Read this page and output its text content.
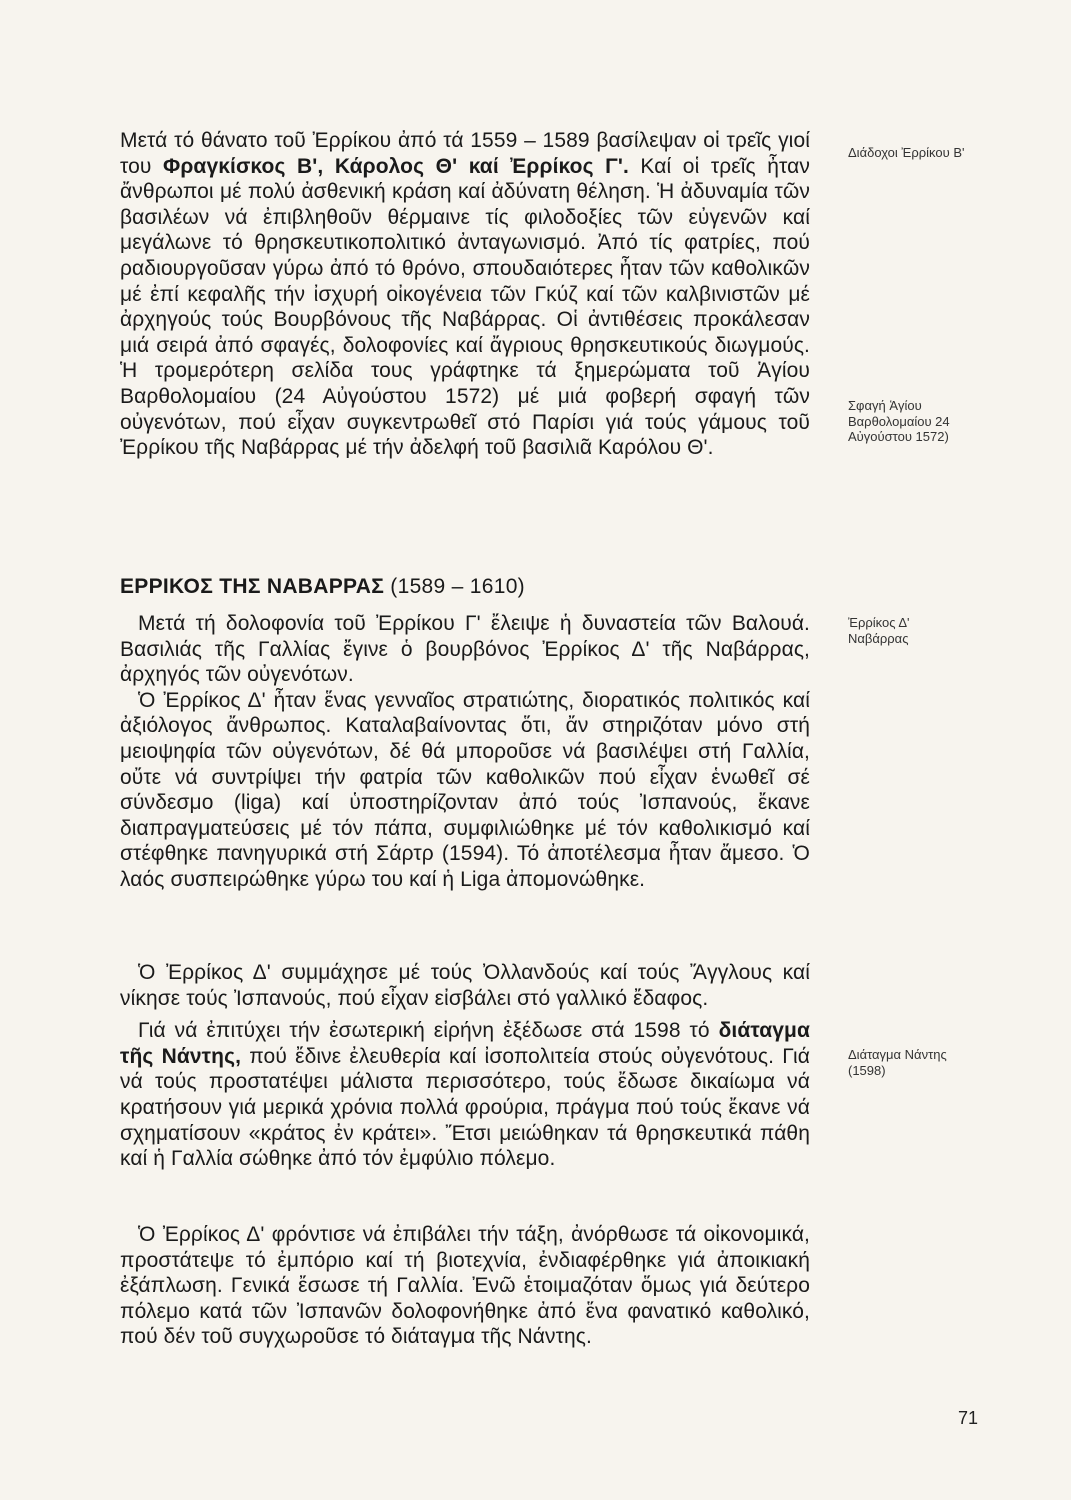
Μετά τό θάνατο τοῦ Ἐρρίκου ἀπό τά 1559 – 1589 βασίλεψαν οἱ τρεῖς γιοί του Φραγκίσκος Β', Κάρολος Θ' καί Ἐρρίκος Γ'. Καί οἱ τρεῖς ἦταν ἄνθρωποι μέ πολύ ἀσθενική κράση καί ἀδύνατη θέληση. Ἡ ἀδυναμία τῶν βασιλέων νά ἐπιβληθοῦν θέρμαινε τίς φιλοδοξίες τῶν εὐγενῶν καί μεγάλωνε τό θρησκευτικοπολιτικό ἀνταγωνισμό. Ἀπό τίς φατρίες, πού ραδιουργοῦσαν γύρω ἀπό τό θρόνο, σπουδαιότερες ἦταν τῶν καθολικῶν μέ ἐπί κεφαλῆς τήν ἰσχυρή οἰκογένεια τῶν Γκύζ καί τῶν καλβινιστῶν μέ ἀρχηγούς τούς Βουρβόνους τῆς Ναβάρρας. Οἱ ἀντιθέσεις προκάλεσαν μιά σειρά ἀπό σφαγές, δολοφονίες καί ἄγριους θρησκευτικούς διωγμούς. Ἡ τρομερότερη σελίδα τους γράφτηκε τά ξημερώματα τοῦ Ἁγίου Βαρθολομαίου (24 Αὐγούστου 1572) μέ μιά φοβερή σφαγή τῶν οὐγενότων, πού εἶχαν συγκεντρωθεῖ στό Παρίσι γιά τούς γάμους τοῦ Ἐρρίκου τῆς Ναβάρρας μέ τήν ἀδελφή τοῦ βασιλιᾶ Καρόλου Θ'.

ΕΡΡΙΚΟΣ ΤΗΣ ΝΑΒΑΡΡΑΣ (1589 – 1610)

Μετά τή δολοφονία τοῦ Ἐρρίκου Γ' ἔλειψε ἡ δυναστεία τῶν Βαλουά. Βασιλιάς τῆς Γαλλίας ἔγινε ὁ βουρβόνος Ἐρρίκος Δ' τῆς Ναβάρρας, ἀρχηγός τῶν οὐγενότων.

Ὁ Ἐρρίκος Δ' ἦταν ἕνας γενναῖος στρατιώτης, διορατικός πολιτικός καί ἀξιόλογος ἄνθρωπος. Καταλαβαίνοντας ὅτι, ἄν στηριζόταν μόνο στή μειοψηφία τῶν οὐγενότων, δέ θά μποροῦσε νά βασιλέψει στή Γαλλία, οὔτε νά συντρίψει τήν φατρία τῶν καθολικῶν πού εἶχαν ἑνωθεῖ σέ σύνδεσμο (liga) καί ὑποστηρίζονταν ἀπό τούς Ἰσπανούς, ἔκανε διαπραγματεύσεις μέ τόν πάπα, συμφιλιώθηκε μέ τόν καθολικισμό καί στέφθηκε πανηγυρικά στή Σάρτρ (1594). Τό ἀποτέλεσμα ἦταν ἄμεσο. Ὁ λαός συσπειρώθηκε γύρω του καί ἡ Liga ἀπομονώθηκε.

Ὁ Ἐρρίκος Δ' συμμάχησε μέ τούς Ὀλλανδούς καί τούς Ἄγγλους καί νίκησε τούς Ἰσπανούς, πού εἶχαν εἰσβάλει στό γαλλικό ἔδαφος.

Γιά νά ἐπιτύχει τήν ἐσωτερική εἰρήνη ἐξέδωσε στά 1598 τό διάταγμα τῆς Νάντης, πού ἔδινε ἐλευθερία καί ἰσοπολιτεία στούς οὐγενότους. Γιά νά τούς προστατέψει μάλιστα περισσότερο, τούς ἔδωσε δικαίωμα νά κρατήσουν γιά μερικά χρόνια πολλά φρούρια, πράγμα πού τούς ἔκανε νά σχηματίσουν «κράτος ἐν κράτει». Ἔτσι μειώθηκαν τά θρησκευτικά πάθη καί ἡ Γαλλία σώθηκε ἀπό τόν ἐμφύλιο πόλεμο.

Ὁ Ἐρρίκος Δ' φρόντισε νά ἐπιβάλει τήν τάξη, ἀνόρθωσε τά οἰκονομικά, προστάτεψε τό ἐμπόριο καί τή βιοτεχνία, ἐνδιαφέρθηκε γιά ἀποικιακή ἐξάπλωση. Γενικά ἔσωσε τή Γαλλία. Ἐνῶ ἑτοιμαζόταν ὅμως γιά δεύτερο πόλεμο κατά τῶν Ἰσπανῶν δολοφονήθηκε ἀπό ἕνα φανατικό καθολικό, πού δέν τοῦ συγχωροῦσε τό διάταγμα τῆς Νάντης.

Διάδοχοι Ἐρρίκου Β'
Σφαγή Ἁγίου Βαρθολομαίου 24 Αὐγούστου 1572)
Ἐρρίκος Δ' Ναβάρρας
Διάταγμα Νάντης (1598)
71
